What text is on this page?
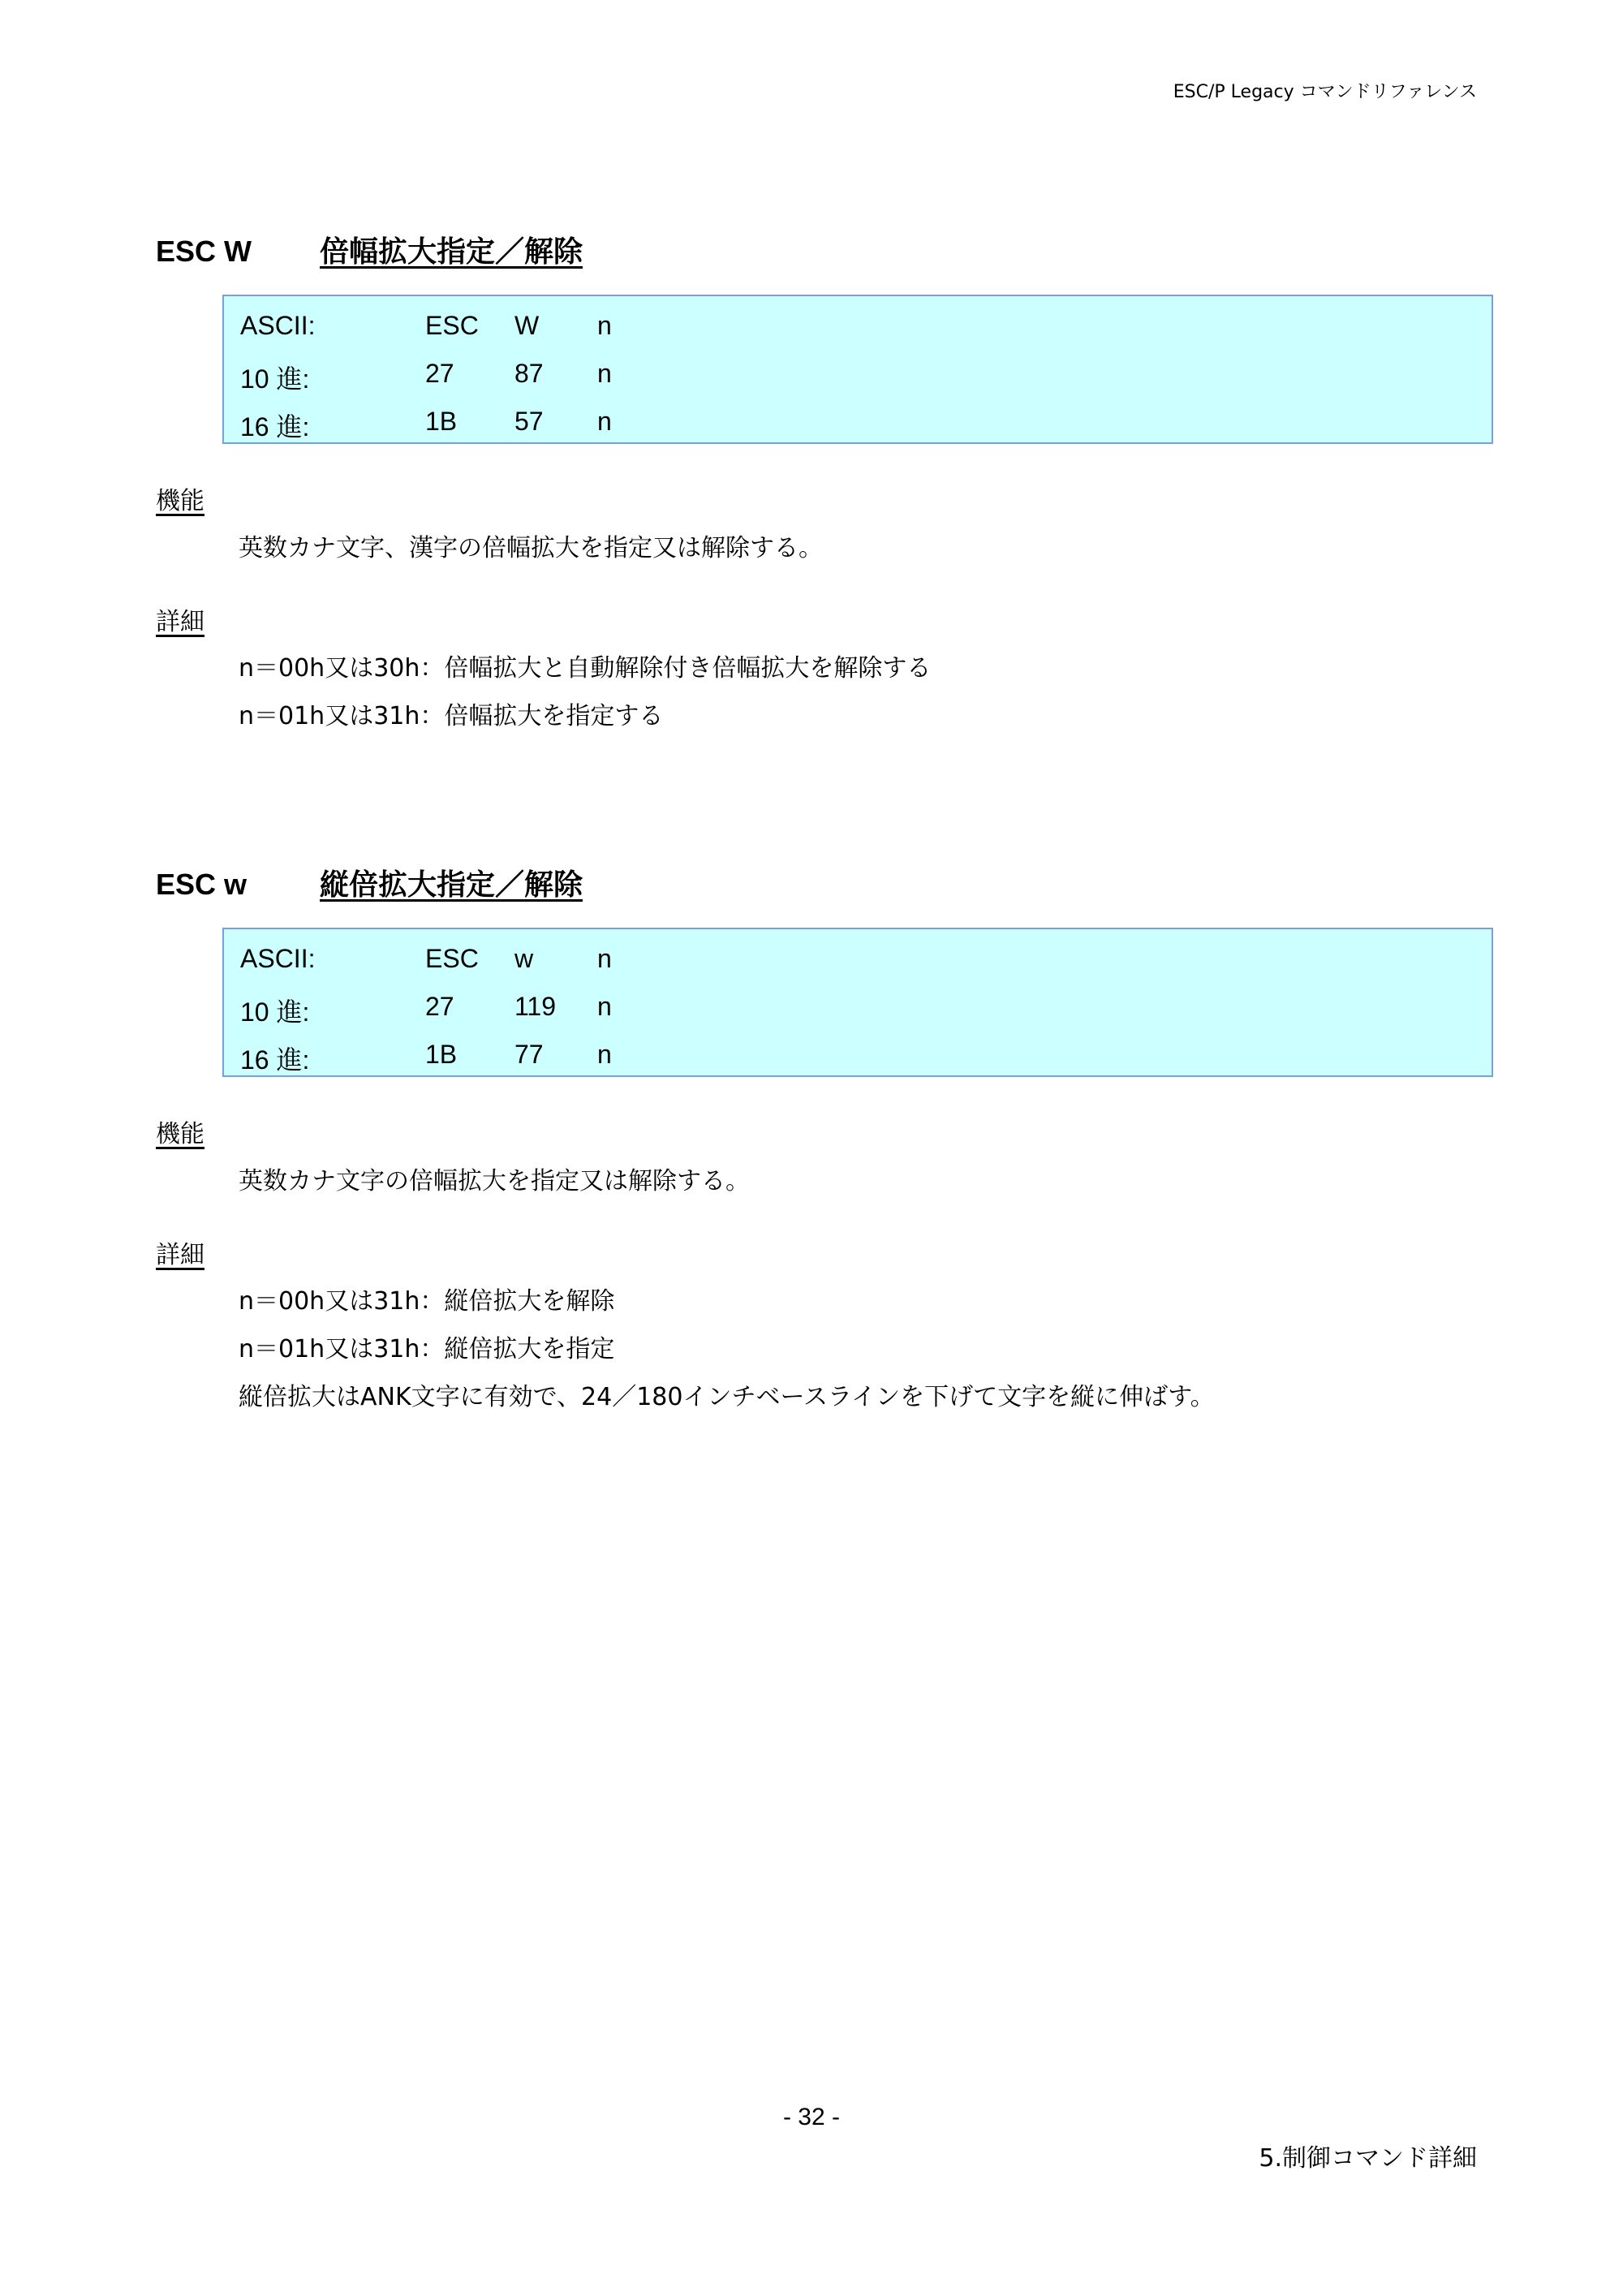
ESC/P Legacy コマンドリファレンス
ESC W 倍幅拡大指定／解除
ASCII:	ESC W n
10 進:	27 87 n
16 進:	1B 57 n
機能
英数カナ文字、漢字の倍幅拡大を指定又は解除する。
詳細
n＝00h又は30h：倍幅拡大と自動解除付き倍幅拡大を解除する
n＝01h又は31h：倍幅拡大を指定する
ESC w 縦倍拡大指定／解除
ASCII:	ESC w n
10 進:	27 119 n
16 進:	1B 77 n
機能
英数カナ文字の倍幅拡大を指定又は解除する。
詳細
n＝00h又は31h：縦倍拡大を解除
n＝01h又は31h：縦倍拡大を指定
縦倍拡大はANK文字に有効で、24／180インチベースラインを下げて文字を縦に伸ばす。
- 32 -
5.制御コマンド詳細
